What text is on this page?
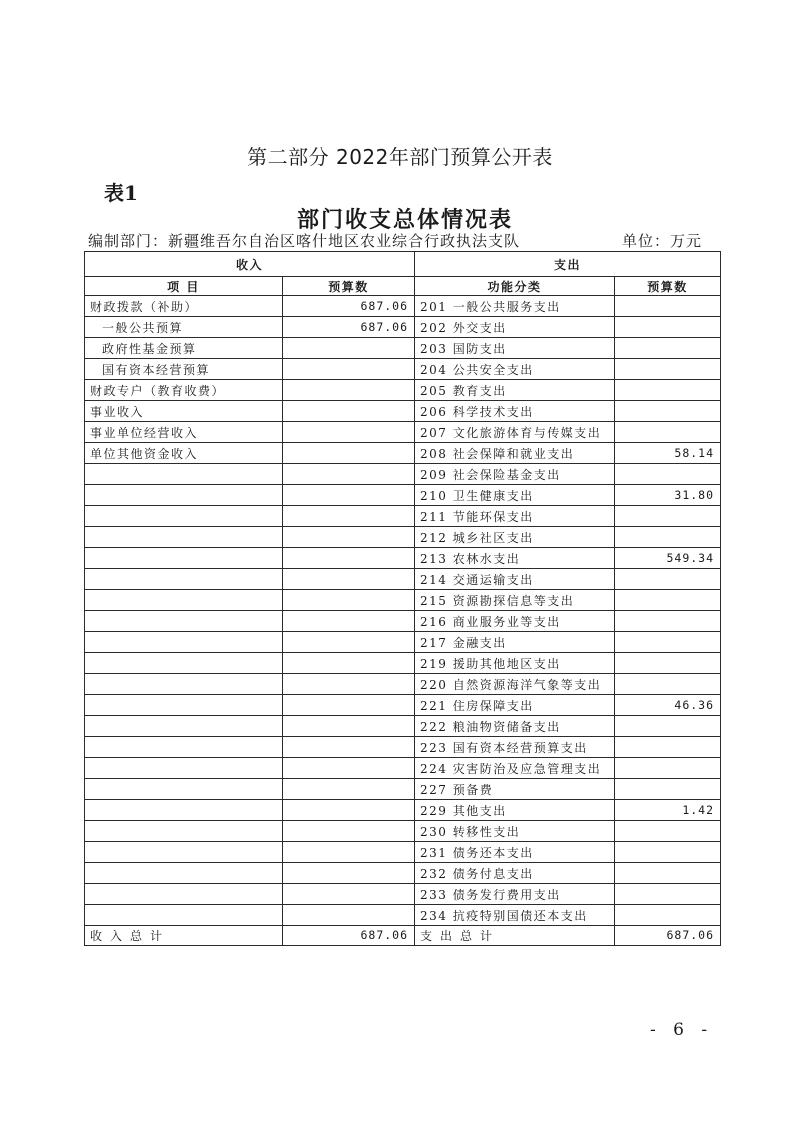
第二部分 2022年部门预算公开表
表1
部门收支总体情况表
编制部门：新疆维吾尔自治区喀什地区农业综合行政执法支队	单位：万元
收入		支出	
项 目	预算数	功能分类	预算数
财政拨款（补助）	687.06	201 一般公共服务支出	
一般公共预算	687.06	202 外交支出	
政府性基金预算		203 国防支出	
国有资本经营预算		204 公共安全支出	
财政专户（教育收费）		205 教育支出	
事业收入		206 科学技术支出	
事业单位经营收入		207 文化旅游体育与传媒支出	
单位其他资金收入		208 社会保障和就业支出	58.14
		209 社会保险基金支出	
		210 卫生健康支出	31.80
		211 节能环保支出	
		212 城乡社区支出	
		213 农林水支出	549.34
		214 交通运输支出	
		215 资源勘探信息等支出	
		216 商业服务业等支出	
		217 金融支出	
		219 援助其他地区支出	
		220 自然资源海洋气象等支出	
		221 住房保障支出	46.36
		222 粮油物资储备支出	
		223 国有资本经营预算支出	
		224 灾害防治及应急管理支出	
		227 预备费	
		229 其他支出	1.42
		230 转移性支出	
		231 债务还本支出	
		232 债务付息支出	
		233 债务发行费用支出	
		234 抗疫特别国债还本支出	
收入总计	687.06	支出总计	687.06
- 6 -
